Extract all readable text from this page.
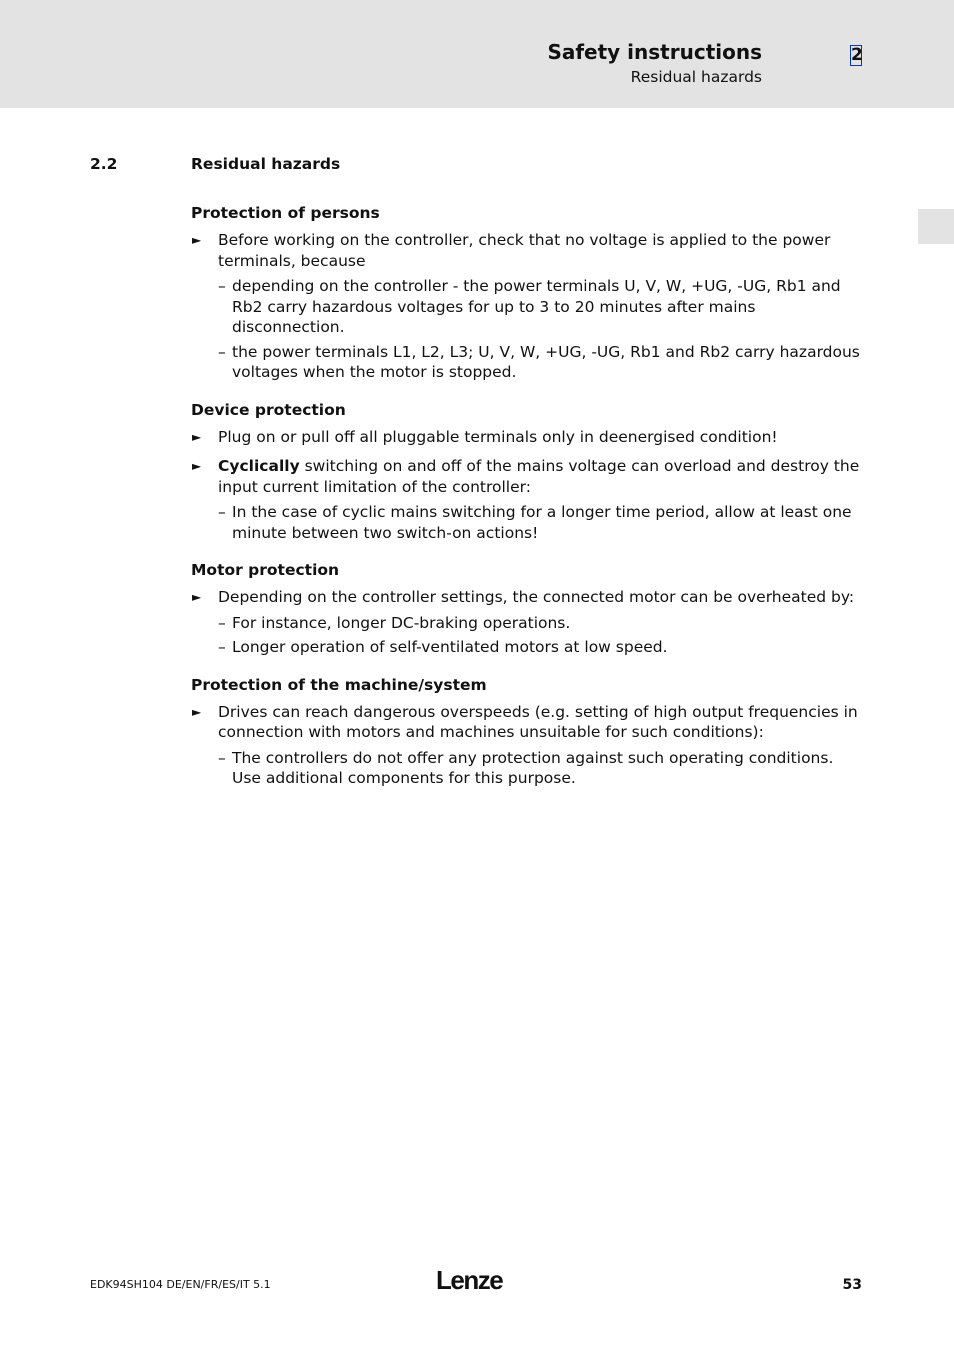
Safety instructions
Residual hazards
2
2.2	Residual hazards
Protection of persons
► Before working on the controller, check that no voltage is applied to the power terminals, because
– depending on the controller - the power terminals U, V, W, +UG, -UG, Rb1 and Rb2 carry hazardous voltages for up to 3 to 20 minutes after mains disconnection.
– the power terminals L1, L2, L3; U, V, W, +UG, -UG, Rb1 and Rb2 carry hazardous voltages when the motor is stopped.
Device protection
► Plug on or pull off all pluggable terminals only in deenergised condition!
► Cyclically switching on and off of the mains voltage can overload and destroy the input current limitation of the controller:
– In the case of cyclic mains switching for a longer time period, allow at least one minute between two switch-on actions!
Motor protection
► Depending on the controller settings, the connected motor can be overheated by:
– For instance, longer DC-braking operations.
– Longer operation of self-ventilated motors at low speed.
Protection of the machine/system
► Drives can reach dangerous overspeeds (e.g. setting of high output frequencies in connection with motors and machines unsuitable for such conditions):
– The controllers do not offer any protection against such operating conditions. Use additional components for this purpose.
EDK94SH104 DE/EN/FR/ES/IT 5.1	Lenze	53
